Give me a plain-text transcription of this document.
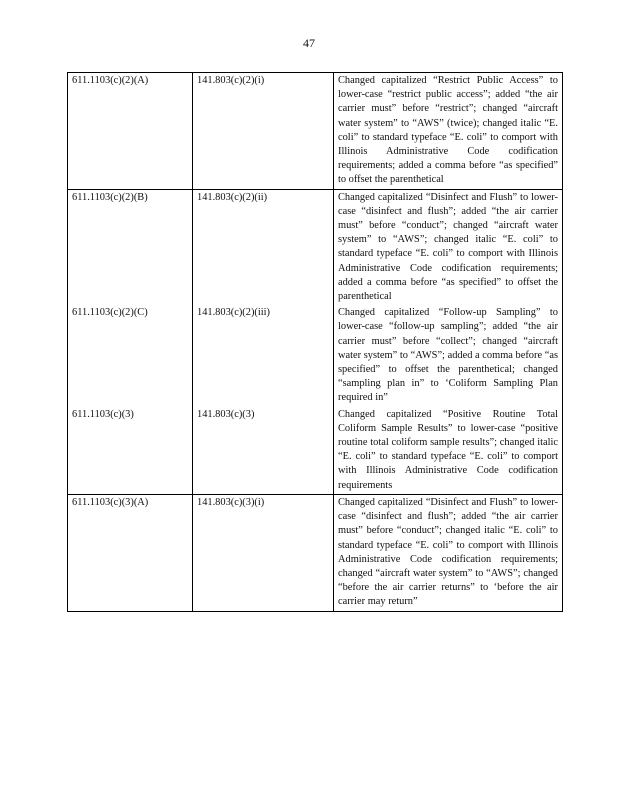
47
611.1103(c)(2)(A)	141.803(c)(2)(i)	Changed capitalized “Restrict Public Access” to lower-case “restrict public access”; added “the air carrier must” before “restrict”; changed “aircraft water system” to “AWS” (twice); changed italic “E. coli” to standard typeface “E. coli” to comport with Illinois Administrative Code codification requirements; added a comma before “as specified” to offset the parenthetical
611.1103(c)(2)(B)	141.803(c)(2)(ii)	Changed capitalized “Disinfect and Flush” to lower-case “disinfect and flush”; added “the air carrier must” before “conduct”; changed “aircraft water system” to “AWS”; changed italic “E. coli” to standard typeface “E. coli” to comport with Illinois Administrative Code codification requirements; added a comma before “as specified” to offset the parenthetical
611.1103(c)(2)(C)	141.803(c)(2)(iii)	Changed capitalized “Follow-up Sampling” to lower-case “follow-up sampling”; added “the air carrier must” before “collect”; changed “aircraft water system” to “AWS”; added a comma before “as specified” to offset the parenthetical; changed “sampling plan in” to ‘Coliform Sampling Plan required in”
611.1103(c)(3)	141.803(c)(3)	Changed capitalized “Positive Routine Total Coliform Sample Results” to lower-case “positive routine total coliform sample results”; changed italic “E. coli” to standard typeface “E. coli” to comport with Illinois Administrative Code codification requirements
611.1103(c)(3)(A)	141.803(c)(3)(i)	Changed capitalized “Disinfect and Flush” to lower-case “disinfect and flush”; added “the air carrier must” before “conduct”; changed italic “E. coli” to standard typeface “E. coli” to comport with Illinois Administrative Code codification requirements; changed “aircraft water system” to “AWS”; changed “before the air carrier returns” to ‘before the air carrier may return”
